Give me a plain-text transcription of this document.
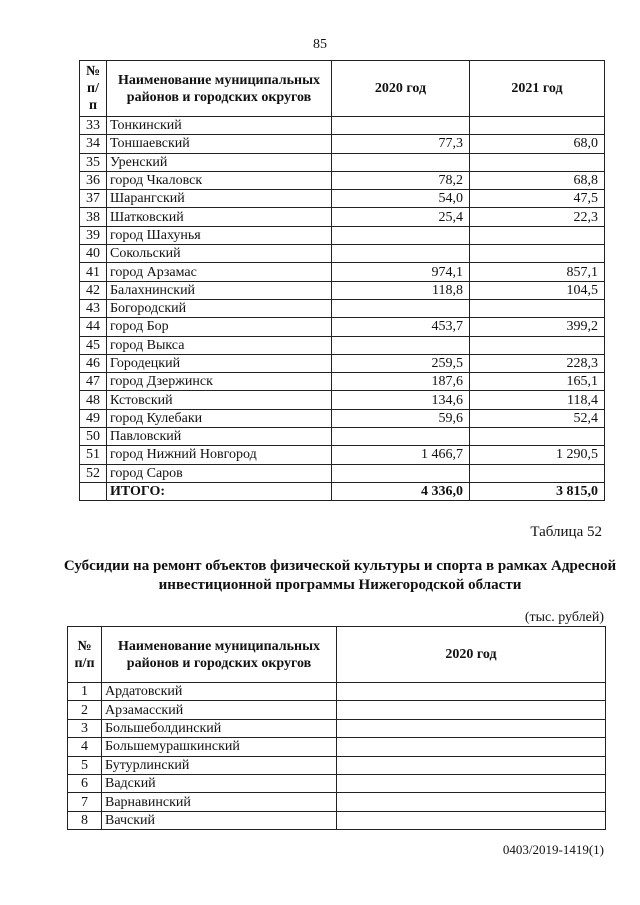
85
№ п/п	Наименование муниципальных районов и городских округов	2020 год	2021 год
33	Тонкинский		
34	Тоншаевский	77,3	68,0
35	Уренский		
36	город Чкаловск	78,2	68,8
37	Шарангский	54,0	47,5
38	Шатковский	25,4	22,3
39	город Шахунья		
40	Сокольский		
41	город Арзамас	974,1	857,1
42	Балахнинский	118,8	104,5
43	Богородский		
44	город Бор	453,7	399,2
45	город Выкса		
46	Городецкий	259,5	228,3
47	город Дзержинск	187,6	165,1
48	Кстовский	134,6	118,4
49	город Кулебаки	59,6	52,4
50	Павловский		
51	город Нижний Новгород	1 466,7	1 290,5
52	город Саров		
	ИТОГО:	4 336,0	3 815,0
Таблица 52
Субсидии на ремонт объектов физической культуры и спорта в рамках Адресной инвестиционной программы Нижегородской области
(тыс. рублей)
№ п/п	Наименование муниципальных районов и городских округов	2020 год
1	Ардатовский	
2	Арзамасский	
3	Большеболдинский	
4	Большемурашкинский	
5	Бутурлинский	
6	Вадский	
7	Варнавинский	
8	Вачский	
0403/2019-1419(1)
